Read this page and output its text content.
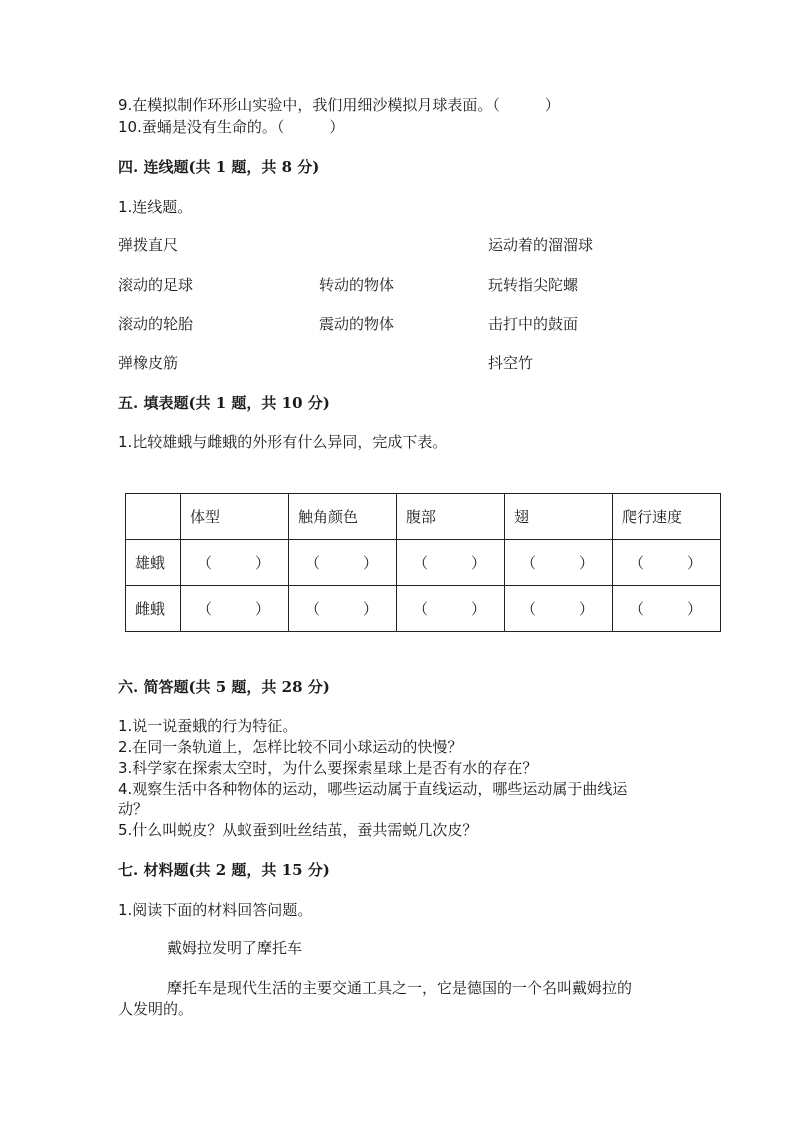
9.在模拟制作环形山实验中，我们用细沙模拟月球表面。（　　　）
10.蚕蛹是没有生命的。（　　　）
四. 连线题(共 1 题，共 8 分)
1.连线题。
弹拨直尺
滚动的足球
滚动的轮胎
弹橡皮筋
转动的物体
震动的物体
运动着的溜溜球
玩转指尖陀螺
击打中的鼓面
抖空竹
五. 填表题(共 1 题，共 10 分)
1.比较雄蛾与雌蛾的外形有什么异同，完成下表。
	体型	触角颜色	腹部	翅	爬行速度
雄蛾	（ ）	（ ）	（ ）	（ ）	（ ）

雌蛾	（ ）	（ ）	（ ）	（ ）	（ ）
六. 简答题(共 5 题，共 28 分)
1.说一说蚕蛾的行为特征。
2.在同一条轨道上，怎样比较不同小球运动的快慢？
3.科学家在探索太空时，为什么要探索星球上是否有水的存在？
4.观察生活中各种物体的运动，哪些运动属于直线运动，哪些运动属于曲线运
动？
5.什么叫蜕皮？从蚁蚕到吐丝结茧，蚕共需蜕几次皮？
七. 材料题(共 2 题，共 15 分)
1.阅读下面的材料回答问题。
戴姆拉发明了摩托车
摩托车是现代生活的主要交通工具之一，它是德国的一个名叫戴姆拉的
人发明的。
